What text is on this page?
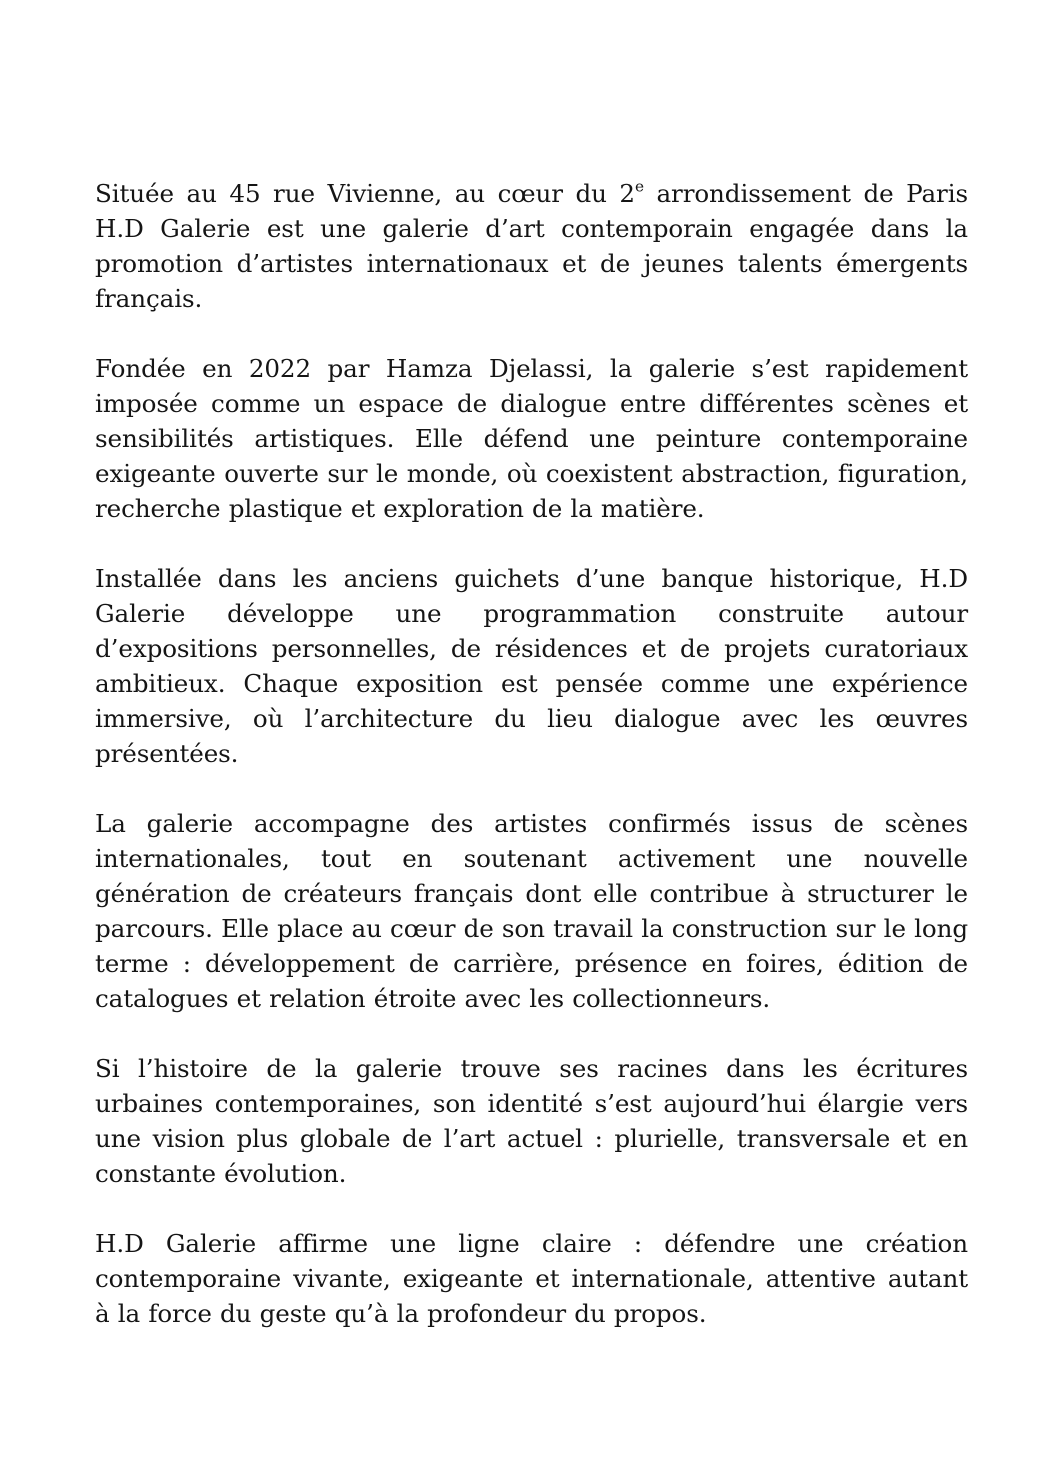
Située au 45 rue Vivienne, au cœur du 2e arrondissement de Paris H.D Galerie est une galerie d’art contemporain engagée dans la promotion d’artistes internationaux et de jeunes talents émergents français.

Fondée en 2022 par Hamza Djelassi, la galerie s’est rapidement imposée comme un espace de dialogue entre différentes scènes et sensibilités artistiques. Elle défend une peinture contemporaine exigeante ouverte sur le monde, où coexistent abstraction, figuration, recherche plastique et exploration de la matière.

Installée dans les anciens guichets d’une banque historique, H.D Galerie développe une programmation construite autour d’expositions personnelles, de résidences et de projets curatoriaux ambitieux. Chaque exposition est pensée comme une expérience immersive, où l’architecture du lieu dialogue avec les œuvres présentées.

La galerie accompagne des artistes confirmés issus de scènes internationales, tout en soutenant activement une nouvelle génération de créateurs français dont elle contribue à structurer le parcours. Elle place au cœur de son travail la construction sur le long terme : développement de carrière, présence en foires, édition de catalogues et relation étroite avec les collectionneurs.

Si l’histoire de la galerie trouve ses racines dans les écritures urbaines contemporaines, son identité s’est aujourd’hui élargie vers une vision plus globale de l’art actuel : plurielle, transversale et en constante évolution.

H.D Galerie affirme une ligne claire : défendre une création contemporaine vivante, exigeante et internationale, attentive autant à la force du geste qu’à la profondeur du propos.
